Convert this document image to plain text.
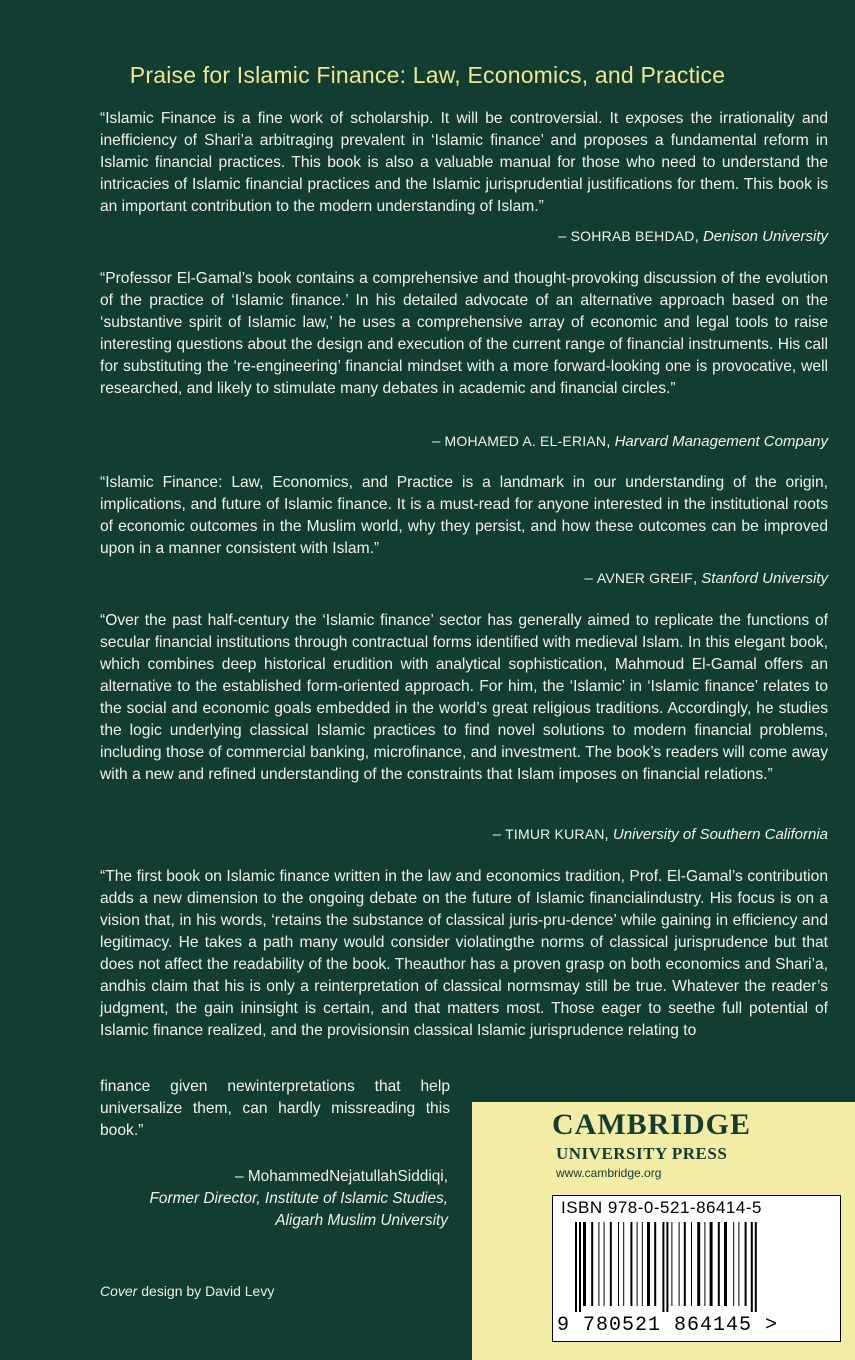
Praise for Islamic Finance: Law, Economics, and Practice

“Islamic Finance is a fine work of scholarship. It will be controversial. It exposes the irrationality and inefficiency of Shari’a arbitraging prevalent in ‘Islamic finance’ and proposes a fundamental reform in Islamic financial practices. This book is also a valuable manual for those who need to understand the intricacies of Islamic financial practices and the Islamic jurisprudential justifications for them. This book is an important contribution to the modern understanding of Islam.”

– SOHRAB BEHDAD, Denison University

“Professor El-Gamal’s book contains a comprehensive and thought-provoking discussion of the evolution of the practice of ‘Islamic finance.’ In his detailed advocate of an alternative approach based on the ‘substantive spirit of Islamic law,’ he uses a comprehensive array of economic and legal tools to raise interesting questions about the design and execution of the current range of financial instruments. His call for substituting the ‘re-engineering’ financial mindset with a more forward-looking one is provocative, well researched, and likely to stimulate many debates in academic and financial circles.”

– MOHAMED A. EL-ERIAN, Harvard Management Company

“Islamic Finance: Law, Economics, and Practice is a landmark in our understanding of the origin, implications, and future of Islamic finance. It is a must-read for anyone interested in the institutional roots of economic outcomes in the Muslim world, why they persist, and how these outcomes can be improved upon in a manner consistent with Islam.”

– AVNER GREIF, Stanford University

“Over the past half-century the ‘Islamic finance’ sector has generally aimed to replicate the functions of secular financial institutions through contractual forms identified with medieval Islam. In this elegant book, which combines deep historical erudition with analytical sophistication, Mahmoud El-Gamal offers an alternative to the established form-oriented approach. For him, the ‘Islamic’ in ‘Islamic finance’ relates to the social and economic goals embedded in the world’s great religious traditions. Accordingly, he studies the logic underlying classical Islamic practices to find novel solutions to modern financial problems, including those of commercial banking, microfinance, and investment. The book’s readers will come away with a new and refined understanding of the constraints that Islam imposes on financial relations.”

– TIMUR KURAN, University of Southern California

“The first book on Islamic finance written in the law and economics tradition, Prof. El-Gamal’s contribution adds a new dimension to the ongoing debate on the future of Islamic financialindustry. His focus is on a vision that, in his words, ‘retains the substance of classical juris-pru-dence’ while gaining in efficiency and legitimacy. He takes a path many would consider violatingthe norms of classical jurisprudence but that does not affect the readability of the book. Theauthor has a proven grasp on both economics and Shari’a, andhis claim that his is only a reinterpretation of classical normsmay still be true. Whatever the reader’s judgment, the gain ininsight is certain, and that matters most. Those eager to seethe full potential of Islamic finance realized, and the provisionsin classical Islamic jurisprudence relating to

finance given newinterpretations that help universalize them, can hardly missreading this book.”

– MohammedNejatullahSiddiqi,
Former Director, Institute of Islamic Studies,
Aligarh Muslim University
Cover design by David Levy
CAMBRIDGE
UNIVERSITY PRESS
www.cambridge.org
ISBN 978-0-521-86414-5
9 780521 864145 >
